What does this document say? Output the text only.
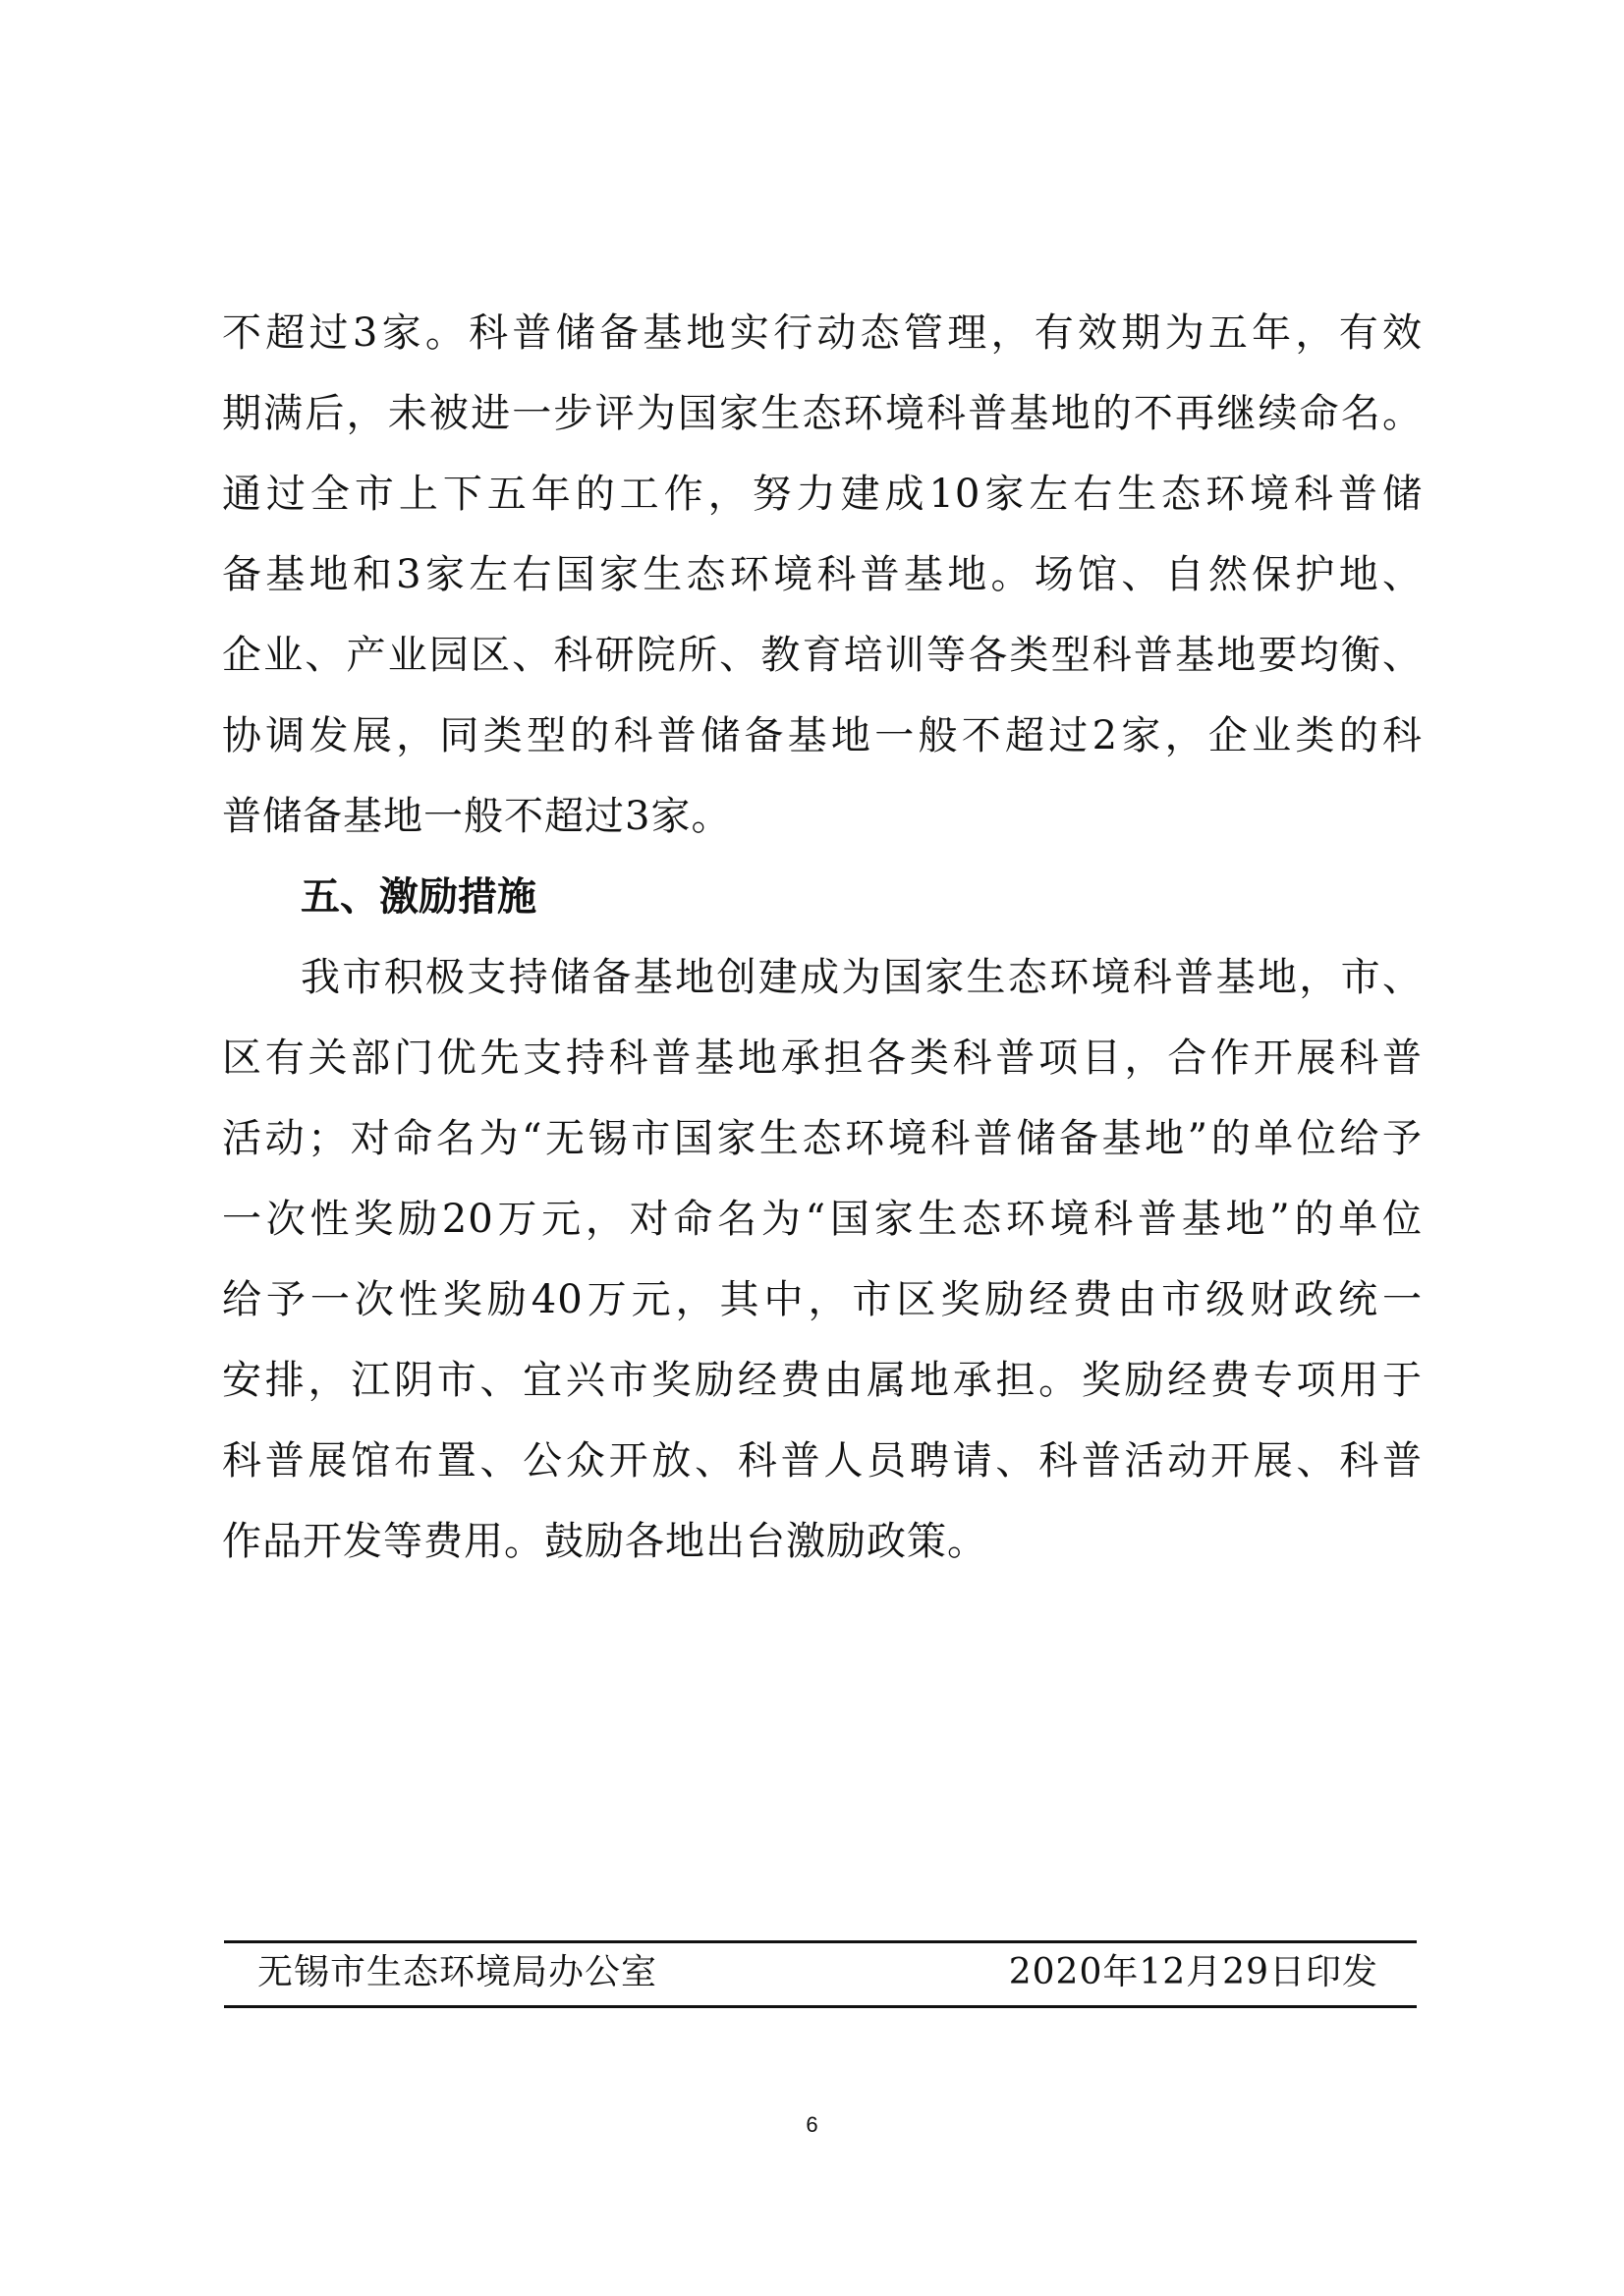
不超过3家。科普储备基地实行动态管理，有效期为五年，有效
期满后，未被进一步评为国家生态环境科普基地的不再继续命名。
通过全市上下五年的工作，努力建成10家左右生态环境科普储
备基地和3家左右国家生态环境科普基地。场馆、自然保护地、
企业、产业园区、科研院所、教育培训等各类型科普基地要均衡、
协调发展，同类型的科普储备基地一般不超过2家，企业类的科
普储备基地一般不超过3家。
五、激励措施
我市积极支持储备基地创建成为国家生态环境科普基地，市、
区有关部门优先支持科普基地承担各类科普项目，合作开展科普
活动；对命名为“无锡市国家生态环境科普储备基地”的单位给予
一次性奖励20万元，对命名为“国家生态环境科普基地”的单位
给予一次性奖励40万元，其中，市区奖励经费由市级财政统一
安排，江阴市、宜兴市奖励经费由属地承担。奖励经费专项用于
科普展馆布置、公众开放、科普人员聘请、科普活动开展、科普
作品开发等费用。鼓励各地出台激励政策。
无锡市生态环境局办公室	2020年12月29日印发
6
